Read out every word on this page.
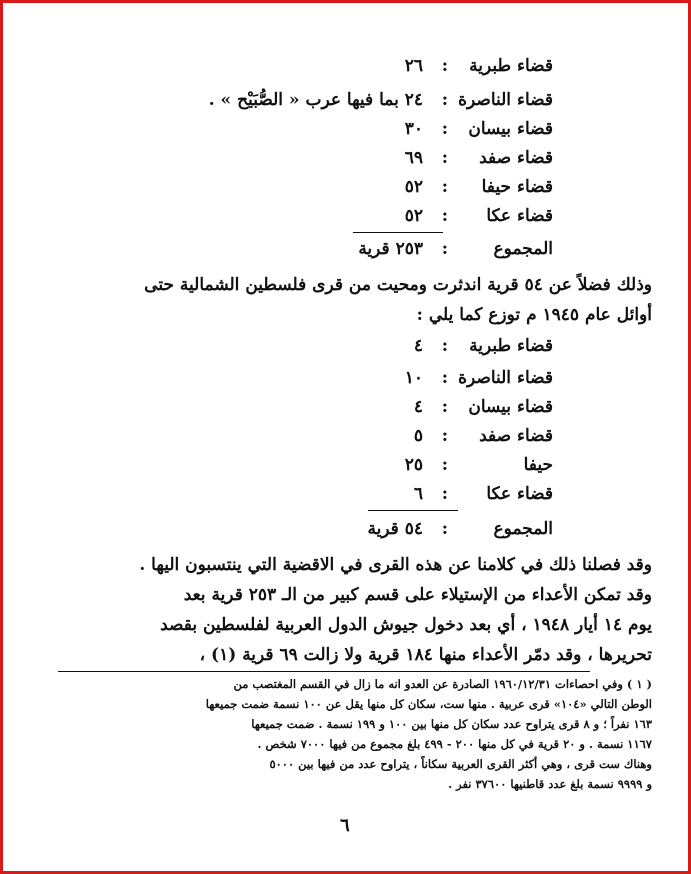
قضاء طبرية
:
٢٦
قضاء الناصرة
:
٢٤ بما فيها عرب « الصُّبَيْح » .
قضاء بيسان
:
٣٠
قضاء صفد
:
٦٩
قضاء حيفا
:
٥٢
قضاء عكا
:
٥٢
المجموع
:
٢٥٣ قرية
وذلك فضلاً عن ٥٤ قرية اندثرت ومحيت من قرى فلسطين الشمالية حتى
أوائل عام ١٩٤٥ م توزع كما يلي :
قضاء طبرية
:
٤
قضاء الناصرة
:
١٠
قضاء بيسان
:
٤
قضاء صفد
:
٥
حيفا
:
٢٥
قضاء عكا
:
٦
المجموع
:
٥٤ قرية
وقد فصلنا ذلك في كلامنا عن هذه القرى في الاقضية التي ينتسبون اليها .
وقد تمكن الأعداء من الإستيلاء على قسم كبير من الـ ٢٥٣ قرية بعد
يوم ١٤ أيار ١٩٤٨ ، أي بعد دخول جيوش الدول العربية لفلسطين بقصد
تحريرها ، وقد دمّر الأعداء منها ١٨٤ قرية ولا زالت ٦٩ قرية (١) ،
( ١ ) وفي احصاءات ١٩٦٠/١٢/٣١ الصادرة عن العدو انه ما زال في القسم المغتصب من
الوطن التالي «١٠٤» قرى عربية . منها ست، سكان كل منها يقل عن ١٠٠ نسمة ضمت جميعها
١٦٣ نفراً ؛ و ٨ قرى يتراوح عدد سكان كل منها بين ١٠٠ و ١٩٩ نسمة . ضمت جميعها
١١٦٧ نسمة . و ٢٠ قرية في كل منها ٢٠٠ - ٤٩٩ بلغ مجموع من فيها ٧٠٠٠ شخص .
وهناك ست قرى ، وهي أكثر القرى العربية سكاناً ، يتراوح عدد من فيها بين ٥٠٠٠
و ٩٩٩٩ نسمة بلغ عدد قاطنيها ٣٧٦٠٠ نفر .
٦
